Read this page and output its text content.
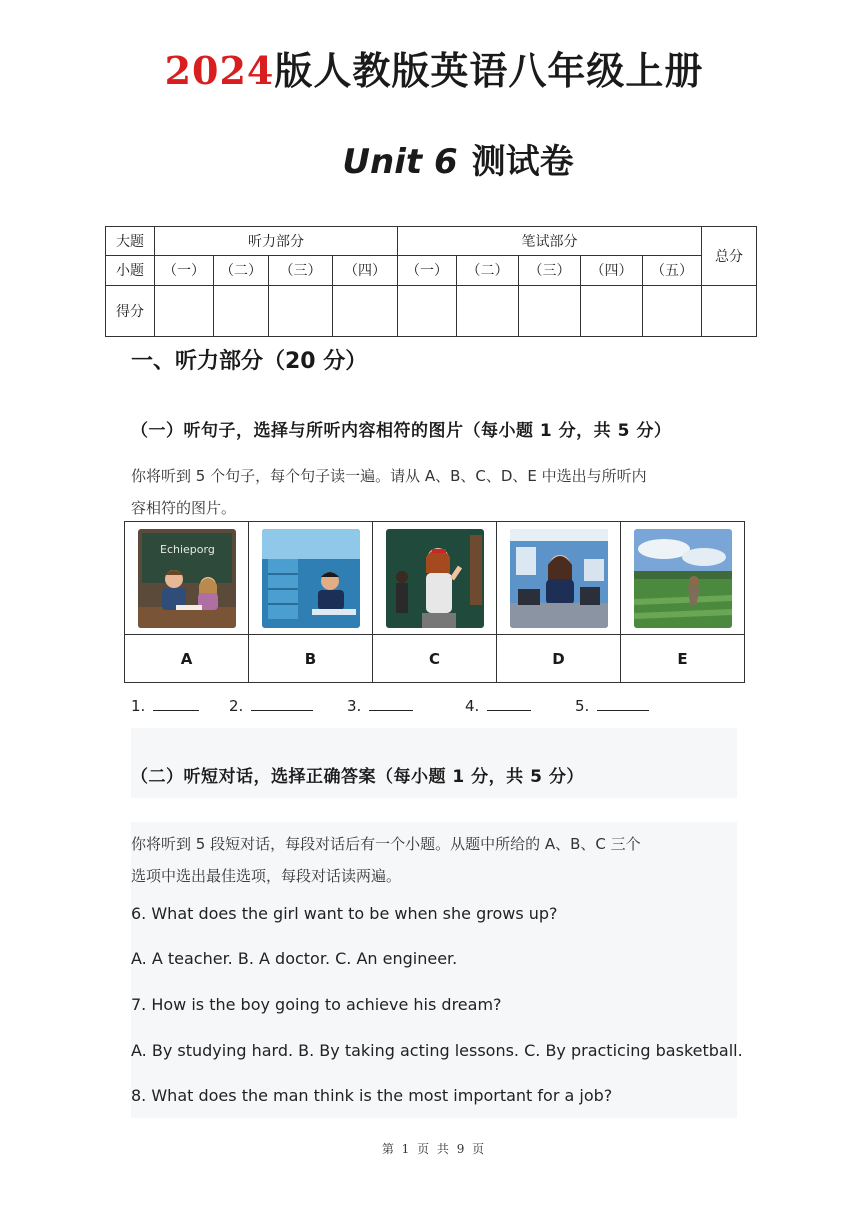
2024版人教版英语八年级上册
Unit 6 测试卷
大题	听力部分				笔试部分					总分
小题	（一）	（二）	（三）	（四）	（一）	（二）	（三）	（四）	（五）	
得分										
一、听力部分（20 分）
（一）听句子，选择与所听内容相符的图片（每小题 1 分，共 5 分）
你将听到 5 个句子，每个句子读一遍。请从 A、B、C、D、E 中选出与所听内
容相符的图片。
Echieporg

A	B	C	D	E
1.	2.	3.	4.	5.
（二）听短对话，选择正确答案（每小题 1 分，共 5 分）
你将听到 5 段短对话，每段对话后有一个小题。从题中所给的 A、B、C 三个
选项中选出最佳选项，每段对话读两遍。
6. What does the girl want to be when she grows up?
A. A teacher. B. A doctor. C. An engineer.
7. How is the boy going to achieve his dream?
A. By studying hard. B. By taking acting lessons. C. By practicing basketball.
8. What does the man think is the most important for a job?
第 1 页 共 9 页
